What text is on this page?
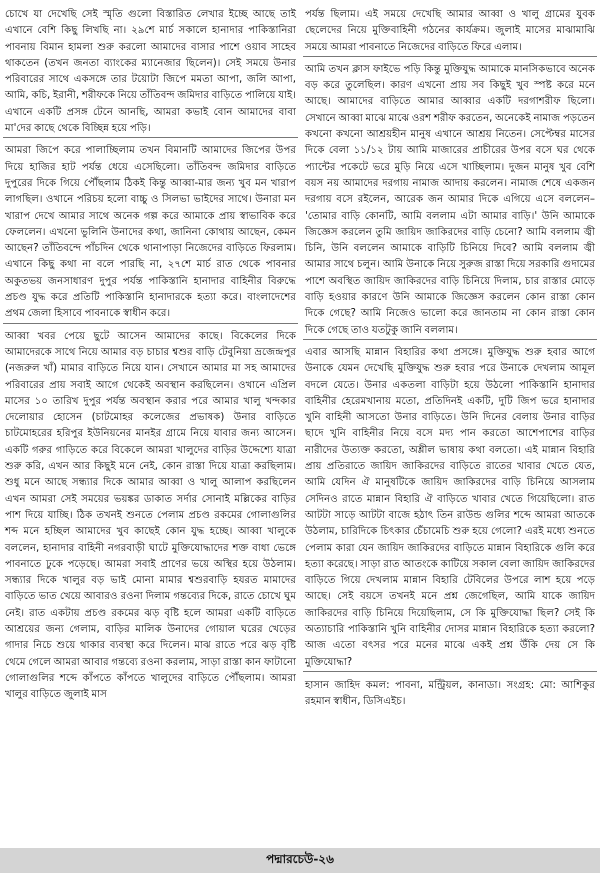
চোখে যা দেখেছি সেই স্মৃতি গুলো বিস্তারিত লেখার ইচ্ছে আছে তাই এখানে বেশি কিছু লিখছি না। ২৯শে মার্চ সকালে হানাদার পাকিস্তানিরা পাবনায় বিমান হামলা শুরু করলো আমাদের বাসার পাশে ওয়াব সাহেব থাকতেন (তখন জনতা ব্যাংকের ম্যানেজার ছিলেন)। সেই সময়ে উনার পরিবারের সাথে একসঙ্গে তার টয়োটা জিপে মমতা আপা, জলি আপা, আমি, কচি, ইরানী, শরীফকে নিয়ে তাঁতিবন্দ জমিদার বাড়িতে পালিয়ে যাই। এখানে একটি প্রসঙ্গ টেনে আনছি, আমরা কভাই বোন আমাদের বাবা মা'দের কাছে থেকে বিচ্ছিন্ন হয়ে পড়ি।

আমরা জিপে করে পালাচ্ছিলাম তখন বিমানটি আমাদের জিপের উপর দিয়ে হাজির হাট পর্যন্ত ধেয়ে এসেছিলো। তাঁতিবন্দ জমিদার বাড়িতে দুপুরের দিকে গিয়ে পৌঁছলাম ঠিকই কিন্তু আব্বা-মার জন্য খুব মন খারাপ লাগছিল। ওখানে পরিচয় হলো বাচ্চু ও সিলভা ভাইদের সাথে। উনারা মন খারাপ দেখে আমার সাথে অনেক গল্প করে আমাকে প্রায় স্বাভাবিক করে ফেললেন। এখনো ভুলিনি উনাদের কথা, জানিনা কোথায় আছেন, কেমন আছেন? তাঁতিবন্দে পাঁচদিন থেকে থানাপাড়া নিজেদের বাড়িতে ফিরলাম। এখানে কিছু কথা না বলে পারছি না, ২৭শে মার্চ রাত থেকে পাবনার অকুতভয় জনসাধারণ দুপুর পর্যন্ত পাকিস্তানি হানাদার বাহিনীর বিরুদ্ধে প্রচণ্ড যুদ্ধ করে প্রতিটি পাকিস্তানি হানাদারকে হত্যা করে। বাংলাদেশের প্রথম জেলা হিসাবে পাবনাকে স্বাধীন করে।

আব্বা খবর পেয়ে ছুটে আসেন আমাদের কাছে। বিকেলের দিকে আমাদেরকে সাথে নিয়ে আমার বড় চাচার শ্বশুর বাড়ি টেবুনিয়া ভ্রজেন্দ্রপুর (নজরুল খাঁ) মামার বাড়িতে নিয়ে যান। সেখানে আমার মা সহ আমাদের পরিবারের প্রায় সবাই আগে থেকেই অবস্থান করছিলেন। ওখানে এপ্রিল মাসের ১০ তারিখ দুপুর পর্যন্ত অবস্থান করার পরে আমার খালু খন্দকার দেলোয়ার হোসেন (চাটমোহর কলেজের প্রভাষক) উনার বাড়িতে চাটমোহরের হরিপুর ইউনিয়নের মানইর গ্রামে নিয়ে যাবার জন্য আসেন। একটি গরুর গাড়িতে করে বিকেলে আমরা খালুদের বাড়ির উদ্দেশ্যে যাত্রা শুরু করি, এখন আর কিছুই মনে নেই, কোন রাস্তা দিয়ে যাত্রা করছিলাম। শুধু মনে আছে সন্ধ্যার দিকে আমার আব্বা ও খালু আলাপ করছিলেন এখন আমরা সেই সময়ের ভয়ঙ্কর ডাকাত সর্দার সোনাই মল্লিকের বাড়ির পাশ দিয়ে যাচ্ছি। ঠিক তখনই শুনতে পেলাম প্রচণ্ড রকমের গোলাগুলির শব্দ মনে হচ্ছিল আমাদের খুব কাছেই কোন যুদ্ধ হচ্ছে। আব্বা খালুকে বললেন, হানাদার বাহিনী নগরবাড়ী ঘাটে মুক্তিযোদ্ধাদের শক্ত বাধা ভেঙ্গে পাবনাতে ঢুকে পড়েছে। আমরা সবাই প্রাণের ভয়ে অস্থির হয়ে উঠলাম। সন্ধ্যার দিকে খালুর বড় ভাই মোনা মামার শ্বশুরবাড়ি হযরত মামাদের বাড়িতে ভাত খেয়ে আবারও রওনা দিলাম গন্তব্যের দিকে, রাতে চোখে ঘুম নেই। রাত একটায় প্রচণ্ড রকমের ঝড় বৃষ্টি হলে আমরা একটি বাড়িতে আশ্রয়ের জন্য গেলাম, বাড়ির মালিক উনাদের গোয়াল ঘরের খেড়ের গাদার নিচে শুয়ে থাকার ব্যবস্থা করে দিলেন। মাঝ রাতে পরে ঝড় বৃষ্টি থেমে গেলে আমরা আবার গন্তব্যে রওনা করলাম, সাড়া রাস্তা কান ফাটানো গোলাগুলির শব্দে কাঁপতে কাঁপতে খালুদের বাড়িতে পৌঁছলাম। আমরা খালুর বাড়িতে জুলাই মাস

পর্যন্ত ছিলাম। এই সময়ে দেখেছি আমার আব্বা ও খালু গ্রামের যুবক ছেলেদের নিয়ে মুক্তিবাহিনী গঠনের কার্যক্রম। জুলাই মাসের মাঝামাঝি সময়ে আমরা পাবনাতে নিজেদের বাড়িতে ফিরে এলাম।

আমি তখন ক্লাস ফাইভে পড়ি কিন্তু মুক্তিযুদ্ধ আমাকে মানসিকভাবে অনেক বড় করে তুলেছিল। কারণ এখনো প্রায় সব কিছুই খুব স্পষ্ট করে মনে আছে। আমাদের বাড়িতে আমার আব্বার একটি দরগাশরীফ ছিলো। সেখানে আব্বা মাঝে মাঝে ওরশ শরীফ করতেন, অনেকেই নামাজ পড়তেন কখনো কখনো আশ্রয়হীন মানুষ এখানে আশ্রয় নিতেন। সেপ্টেম্বর মাসের দিকে বেলা ১১/১২ টায় আমি মাজারের প্রাচীরের উপর বসে ঘর থেকে প্যান্টের পকেটে ভরে মুড়ি নিয়ে এসে খাচ্ছিলাম। দুজন মানুষ খুব বেশি বয়স নয় আমাদের দরগায় নামাজ আদায় করলেন। নামাজ শেষে একজন দরগায় বসে রইলেন, আরেক জন আমার দিকে এগিয়ে এসে বললেন– 'তোমার বাড়ি কোনটি, আমি বললাম এটা আমার বাড়ি।' উনি আমাকে জিজ্ঞেস করলেন তুমি জায়িদ জাকিরদের বাড়ি চেনো? আমি বললাম জ্বী চিনি, উনি বললেন আমাকে বাড়িটি চিনিয়ে দিবে? আমি বললাম জ্বী আমার সাথে চলুন। আমি উনাকে নিয়ে সুরুজ রাস্তা দিয়ে সরকারি গুদামের পাশে অবস্থিত জায়িদ জাকিরদের বাড়ি চিনিয়ে দিলাম, চার রাস্তার মোড়ে বাড়ি হওয়ার কারণে উনি আমাকে জিজ্ঞেস করলেন কোন রাস্তা কোন দিকে গেছে? আমি নিজেও ভালো করে জানতাম না কোন রাস্তা কোন দিকে গেছে তাও যতটুকু জানি বললাম।

এবার আসছি মান্নান বিহারির কথা প্রসঙ্গে। মুক্তিযুদ্ধ শুরু হবার আগে উনাকে যেমন দেখেছি মুক্তিযুদ্ধ শুরু হবার পরে উনাকে দেখলাম আমূল বদলে যেতে। উনার একতলা বাড়িটা হয়ে উঠলো পাকিস্তানি হানাদার বাহিনীর হেরেমখানায় মতো, প্রতিদিনই একটি, দুটি জিপ ভরে হানাদার খুনি বাহিনী আসতো উনার বাড়িতে। উনি দিনের বেলায় উনার বাড়ির ছাদে খুনি বাহিনীর নিয়ে বসে মদ্য পান করতো আশেপাশের বাড়ির নারীদের উত্যক্ত করতো, অশ্লীল ভাষায় কথা বলতো। এই মান্নান বিহারি প্রায় প্রতিরাতে জায়িদ জাকিরদের বাড়িতে রাতের খাবার খেতে যেত, আমি যেদিন ঐ মানুষটিকে জায়িদ জাকিরদের বাড়ি চিনিয়ে আসলাম সেদিনও রাতে মান্নান বিহারি ঐ বাড়িতে খাবার খেতে গিয়েছিলো। রাত আটটা সাড়ে আটটা বাজে হঠাৎ তিন রাউন্ড গুলির শব্দে আমরা আতকে উঠলাম, চারিদিকে চিৎকার চেঁচামেচি শুরু হয়ে গেলো? এরই মধ্যে শুনতে পেলাম কারা যেন জায়িদ জাকিরদের বাড়িতে মান্নান বিহারিকে গুলি করে হত্যা করেছে। সাড়া রাত আতংকে কাটিয়ে সকাল বেলা জায়িদ জাকিরদের বাড়িতে গিয়ে দেখলাম মান্নান বিহারি টেবিলের উপরে লাশ হয়ে পড়ে আছে। সেই বয়সে তখনই মনে প্রশ্ন জেগেছিল, আমি যাকে জায়িদ জাকিরদের বাড়ি চিনিয়ে দিয়েছিলাম, সে কি মুক্তিযোদ্ধা ছিল? সেই কি অত্যাচারি পাকিস্তানি খুনি বাহিনীর দোসর মান্নান বিহারিকে হত্যা করলো? আজ এতো বৎসর পরে মনের মাঝে একই প্রশ্ন উঁকি দেয় সে কি মুক্তিযোদ্ধা?

হাসান জাহিদ কমল: পাবনা, মন্ট্রিয়ল, কানাডা। সংগ্রহ: মো: আশিকুর রহমান স্বাধীন, ডিসিএইচ।

পদ্মারচেউ-২৬
